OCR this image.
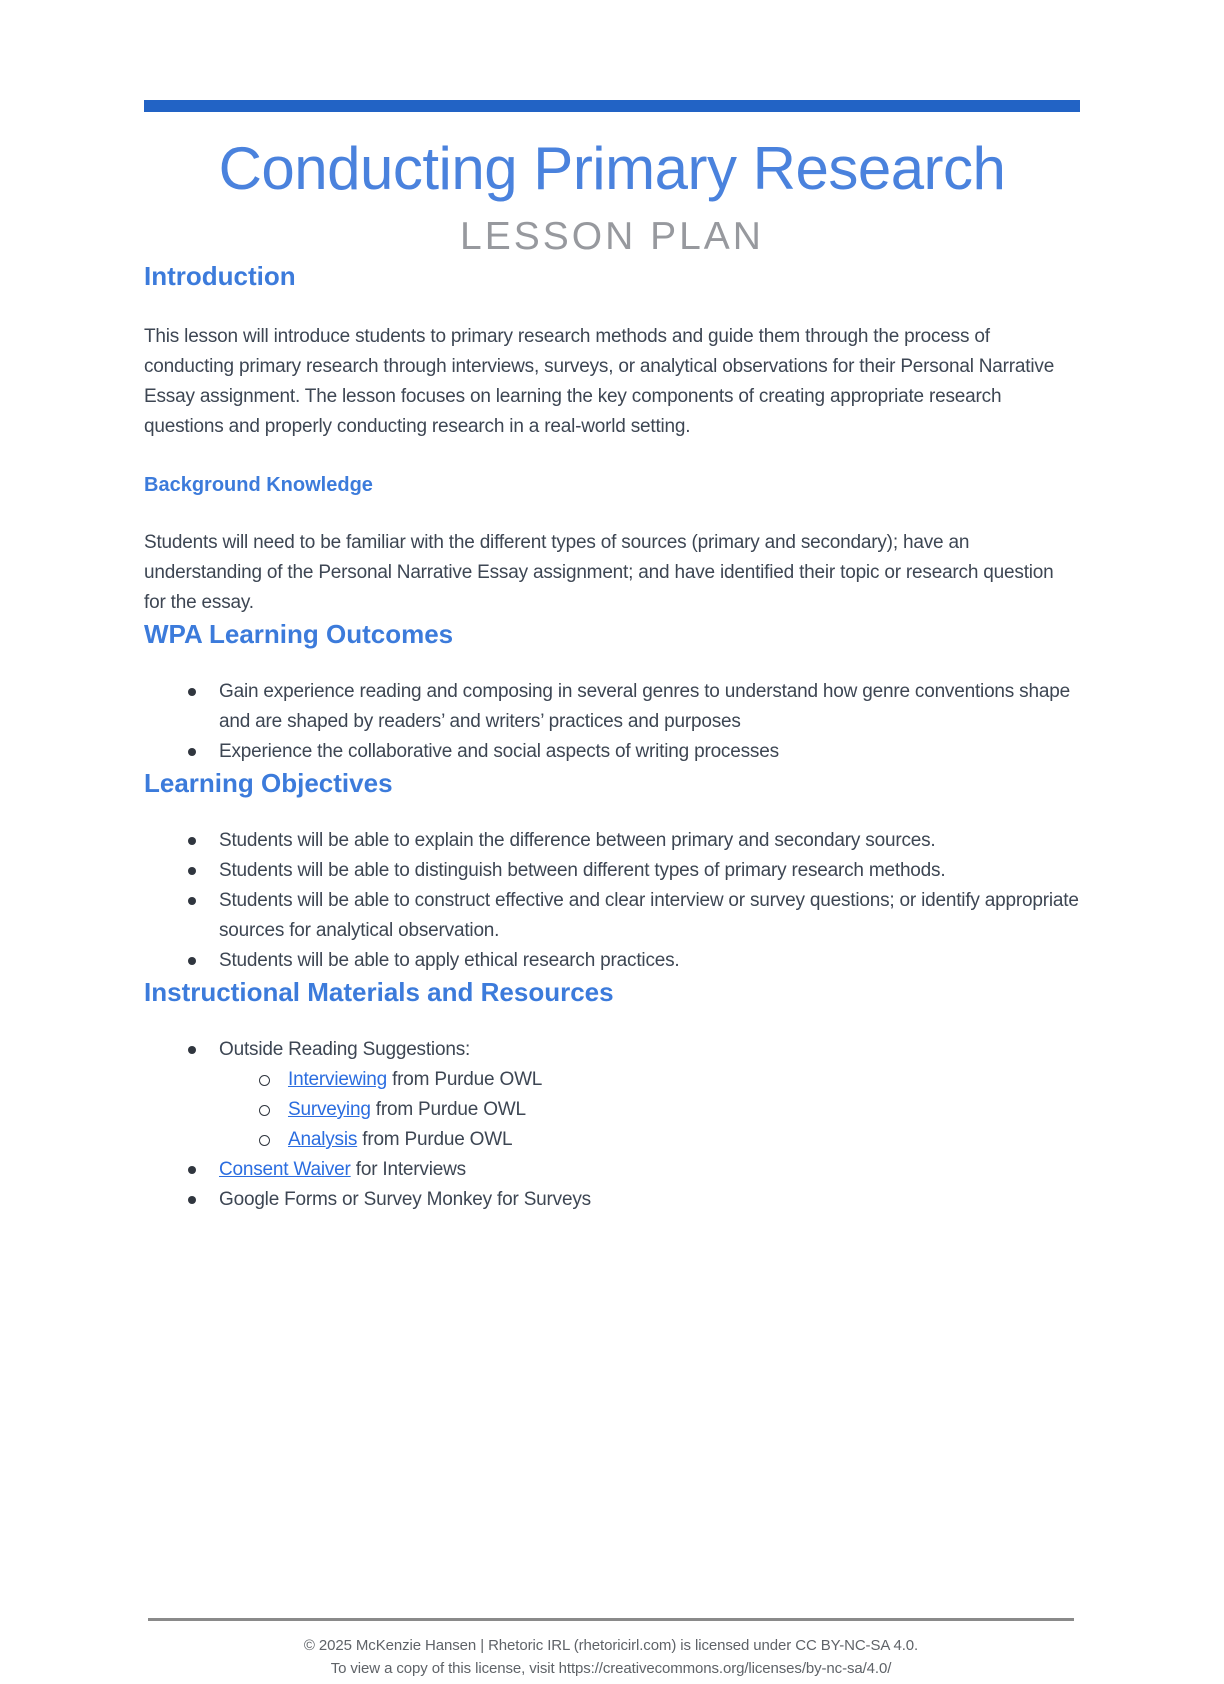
Conducting Primary Research
LESSON PLAN
Introduction

This lesson will introduce students to primary research methods and guide them through the process of conducting primary research through interviews, surveys, or analytical observations for their Personal Narrative Essay assignment. The lesson focuses on learning the key components of creating appropriate research questions and properly conducting research in a real-world setting.

Background Knowledge

Students will need to be familiar with the different types of sources (primary and secondary); have an understanding of the Personal Narrative Essay assignment; and have identified their topic or research question for the essay.

WPA Learning Outcomes
Gain experience reading and composing in several genres to understand how genre conventions shape and are shaped by readers’ and writers’ practices and purposes
Experience the collaborative and social aspects of writing processes
Learning Objectives
Students will be able to explain the difference between primary and secondary sources.
Students will be able to distinguish between different types of primary research methods.
Students will be able to construct effective and clear interview or survey questions; or identify appropriate sources for analytical observation.
Students will be able to apply ethical research practices.
Instructional Materials and Resources
Outside Reading Suggestions:
Interviewing from Purdue OWL
Surveying from Purdue OWL
Analysis from Purdue OWL
Consent Waiver for Interviews
Google Forms or Survey Monkey for Surveys
© 2025 McKenzie Hansen | Rhetoric IRL (rhetoricirl.com) is licensed under CC BY-NC-SA 4.0.
To view a copy of this license, visit https://creativecommons.org/licenses/by-nc-sa/4.0/
